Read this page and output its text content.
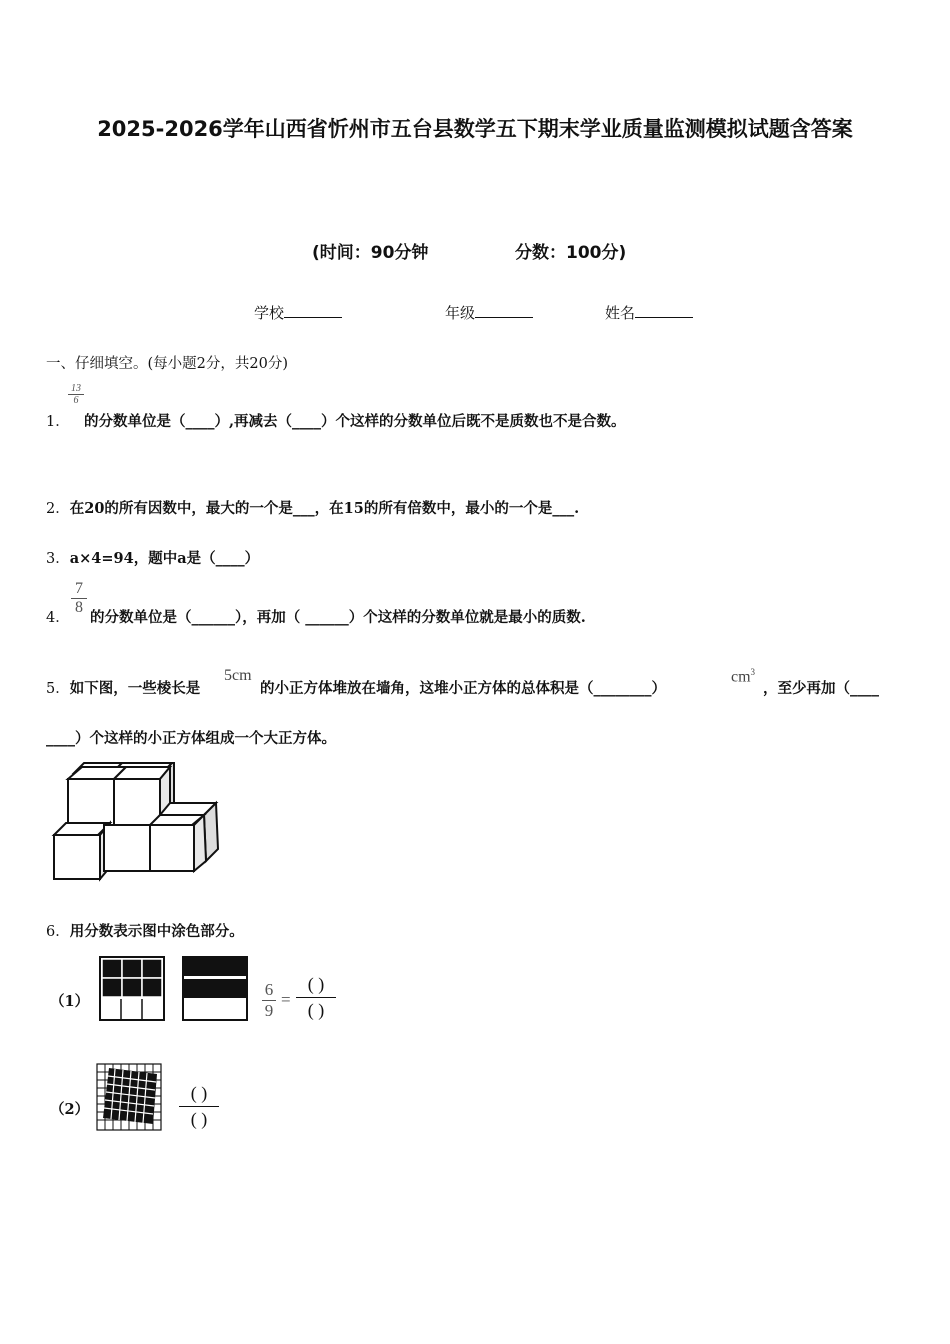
2025-2026学年山西省忻州市五台县数学五下期末学业质量监测模拟试题含答案
(时间：90分钟	分数：100分)
学校	年级	姓名
一、仔细填空。(每小题2分，共20分)
1．
13
6
的分数单位是（____）,再减去（____）个这样的分数单位后既不是质数也不是合数。
2．在20的所有因数中，最大的一个是___，在15的所有倍数中，最小的一个是___.
3．a×4=94，题中a是（____）
4．
7
8
的分数单位是（______），再加（ ______）个这样的分数单位就是最小的质数.
5．如下图，一些棱长是
5cm
的小正方体堆放在墙角，这堆小正方体的总体积是（________）
$cm^3$
，至少再加（____
____）个这样的小正方体组成一个大正方体。
6．用分数表示图中涂色部分。
（1）
6
9
=
( )
( )
（2）
( )
( )
